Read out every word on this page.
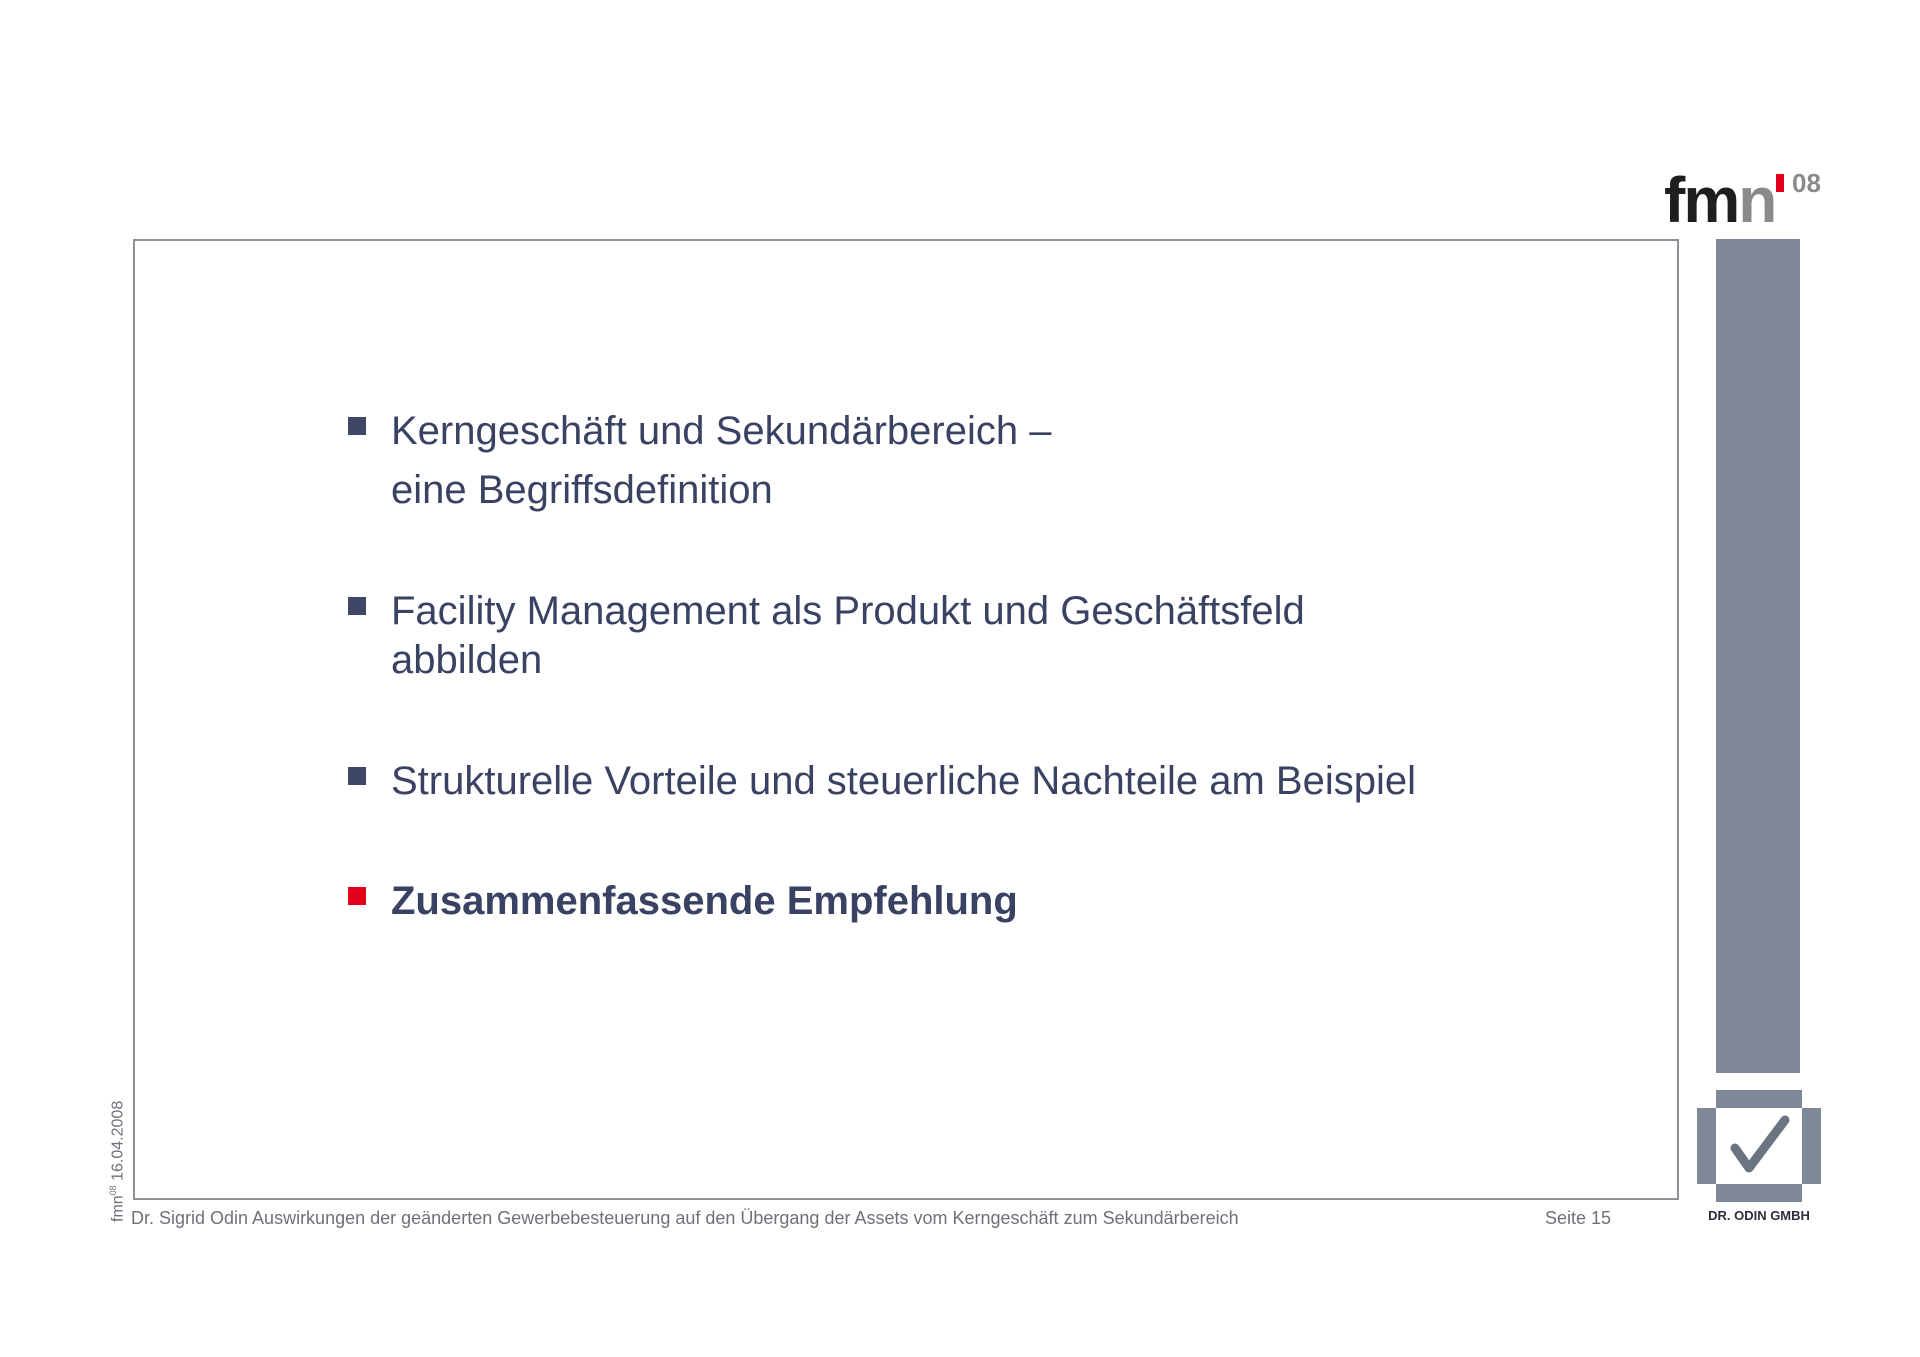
fmn 08
Kerngeschäft und Sekundärbereich –
eine Begriffsdefinition
Facility Management als Produkt und Geschäftsfeld
abbilden
Strukturelle Vorteile und steuerliche Nachteile am Beispiel
Zusammenfassende Empfehlung
DR. ODIN GMBH
fmn$^{08}$ 16.04.2008
Dr. Sigrid Odin Auswirkungen der geänderten Gewerbebesteuerung auf den Übergang der Assets vom Kerngeschäft zum Sekundärbereich	Seite 15
